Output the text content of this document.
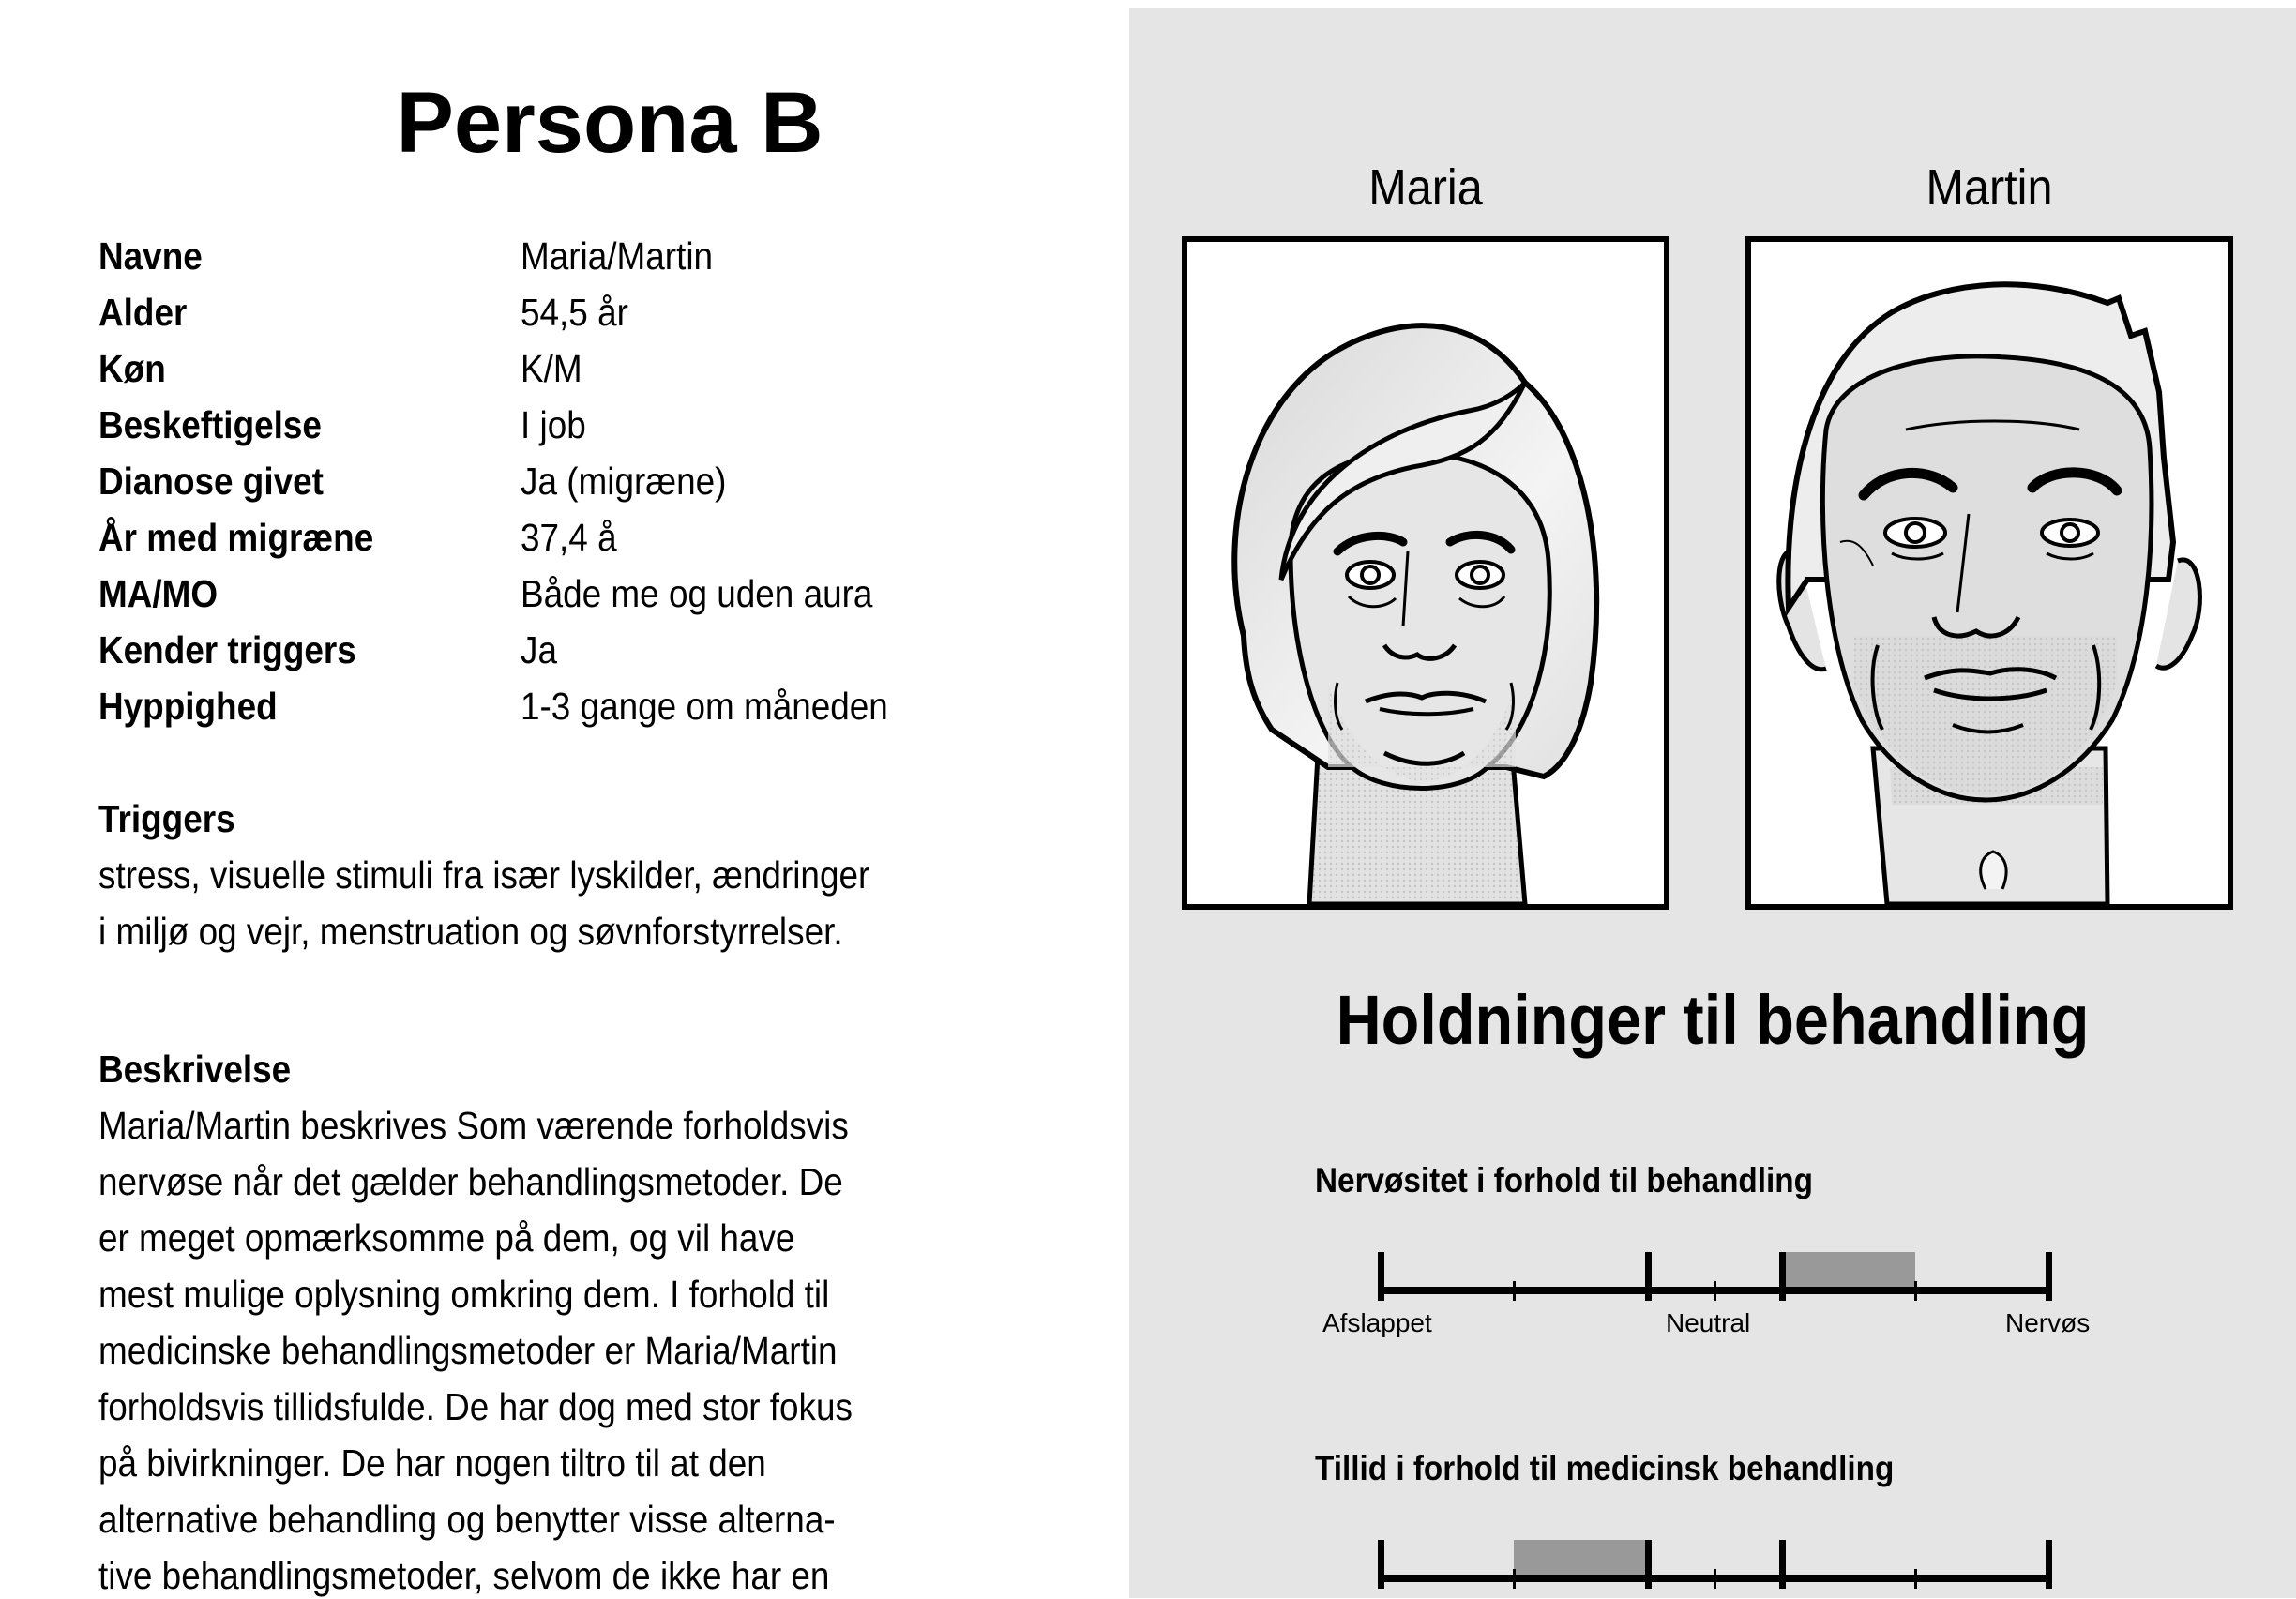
Persona B
Navne	Maria/Martin
Alder	54,5 år
Køn	K/M
Beskeftigelse	I job
Dianose givet	Ja (migræne)
År med migræne	37,4 å
MA/MO	Både me og uden aura
Kender triggers	Ja
Hyppighed	1-3 gange om måneden
Triggers
stress, visuelle stimuli fra især lyskilder, ændringer
i miljø og vejr, menstruation og søvnforstyrrelser.
Beskrivelse
Maria/Martin beskrives Som værende forholdsvis
nervøse når det gælder behandlingsmetoder. De
er meget opmærksomme på dem, og vil have
mest mulige oplysning omkring dem. I forhold til
medicinske behandlingsmetoder er Maria/Martin
forholdsvis tillidsfulde. De har dog med stor fokus
på bivirkninger. De har nogen tiltro til at den
alternative behandling og benytter visse alterna-
tive behandlingsmetoder, selvom de ikke har en
Maria	Martin
Holdninger til behandling
Nervøsitet i forhold til behandling
Afslappet	Neutral	Nervøs
Tillid i forhold til medicinsk behandling
